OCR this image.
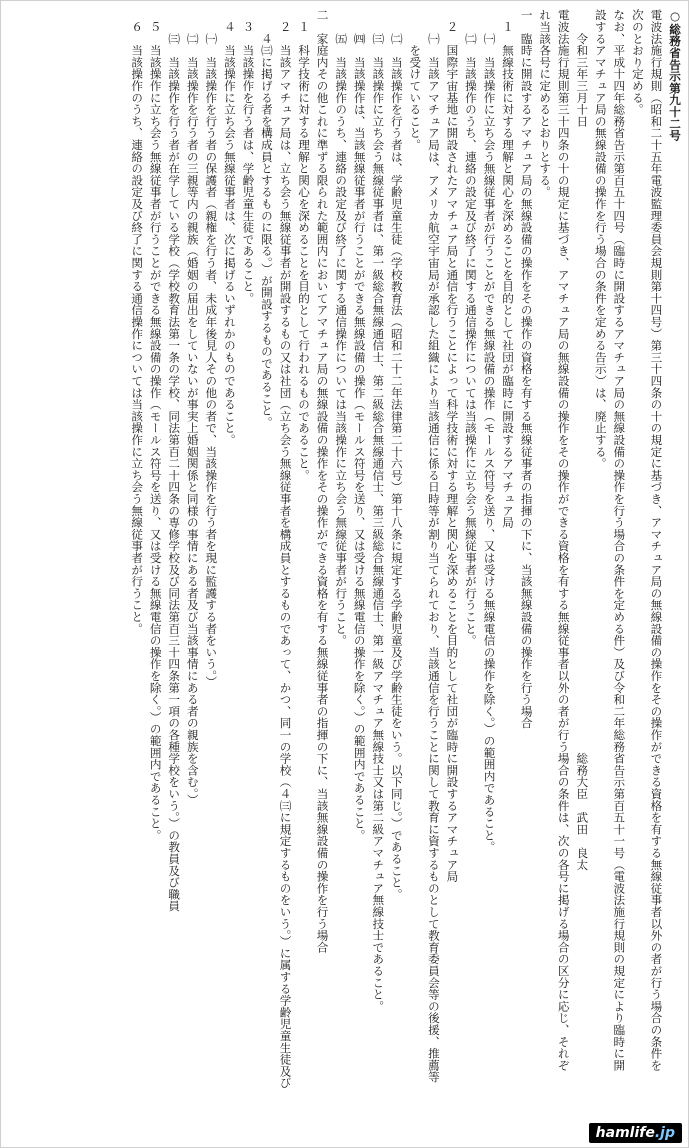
○総務省告示第九十二号

電波法施行規則（昭和二十五年電波監理委員会規則第十四号）第三十四条の十の規定に基づき、アマチュア局の無線設備の操作をその操作ができる資格を有する無線従事者以外の者が行う場合の条件を

次のとおり定める。

なお、平成十四年総務省告示第百五十四号（臨時に開設するアマチュア局の無線設備の操作を行う場合の条件を定める件）及び令和二年総務省告示第百五十一号（電波法施行規則の規定により臨時に開

設するアマチュア局の無線設備の操作を行う場合の条件を定める告示）は、廃止する。

　　令和三年三月十日　　　　　　　　　　　　　　　　　　　　　　　　　　　　　　　　　　　　　　　　　　　　　　　　　　　　　総務大臣　武田　良太

電波法施行規則第三十四条の十の規定に基づき、アマチュア局の無線設備の操作をその操作ができる資格を有する無線従事者以外の者が行う場合の条件は、次の各号に掲げる場合の区分に応じ、それぞ

れ当該各号に定めるとおりとする。

一　臨時に開設するアマチュア局の無線設備の操作をその操作の資格を有する無線従事者の指揮の下に、当該無線設備の操作を行う場合

　１　無線技術に対する理解と関心を深めることを目的として社団が臨時に開設するアマチュア局

　　㈠　当該操作に立ち会う無線従事者が行うことができる無線設備の操作（モールス符号を送り、又は受ける無線電信の操作を除く。）の範囲内であること。

　　㈡　当該操作のうち、連絡の設定及び終了に関する通信操作については当該操作に立ち会う無線従事者が行うこと。

　２　国際宇宙基地に開設されたアマチュア局と通信を行うことによって科学技術に対する理解と関心を深めることを目的として社団が臨時に開設するアマチュア局

　　㈠　当該アマチュア局は、アメリカ航空宇宙局が承認した組織により当該通信に係る日時等が割り当てられており、当該通信を行うことに関して教育に資するものとして教育委員会等の後援、推薦等

　　　を受けていること。

　　㈡　当該操作を行う者は、学齢児童生徒（学校教育法（昭和二十二年法律第二十六号）第十八条に規定する学齢児童及び学齢生徒をいう。以下同じ。）であること。

　　㈢　当該操作に立ち会う無線従事者は、第一級総合無線通信士、第二級総合無線通信士、第三級総合無線通信士、第一級アマチュア無線技士又は第二級アマチュア無線技士であること。

　　㈣　当該操作は、当該無線従事者が行うことができる無線設備の操作（モールス符号を送り、又は受ける無線電信の操作を除く。）の範囲内であること。

　　㈤　当該操作のうち、連絡の設定及び終了に関する通信操作については当該操作に立ち会う無線従事者が行うこと。

二　家庭内その他これに準ずる限られた範囲内においてアマチュア局の無線設備の操作をその操作ができる資格を有する無線従事者の指揮の下に、当該無線設備の操作を行う場合

　１　科学技術に対する理解と関心を深めることを目的として行われるものであること。

　２　当該アマチュア局は、立ち会う無線従事者が開設するもの又は社団（立ち会う無線従事者を構成員とするものであって、かつ、同一の学校（４㈢に規定するものをいう。）に属する学齢児童生徒及び

　　４㈢に掲げる者を構成員とするものに限る。）が開設するものであること。

　３　当該操作を行う者は、学齢児童生徒であること。

　４　当該操作に立ち会う無線従事者は、次に掲げるいずれかのものであること。

　　㈠　当該操作を行う者の保護者（親権を行う者、未成年後見人その他の者で、当該操作を行う者を現に監護する者をいう。）

　　㈡　当該操作を行う者の三親等内の親族（婚姻の届出をしていないが事実上婚姻関係と同様の事情にある者及び当該事情にある者の親族を含む。）

　　㈢　当該操作を行う者が在学している学校（学校教育法第一条の学校、同法第百二十四条の専修学校及び同法第百三十四条第一項の各種学校をいう。）の教員及び職員

　５　当該操作に立ち会う無線従事者が行うことができる無線設備の操作（モールス符号を送り、又は受ける無線電信の操作を除く。）の範囲内であること。

　６　当該操作のうち、連絡の設定及び終了に関する通信操作については当該操作に立ち会う無線従事者が行うこと。

hamlife.jp
